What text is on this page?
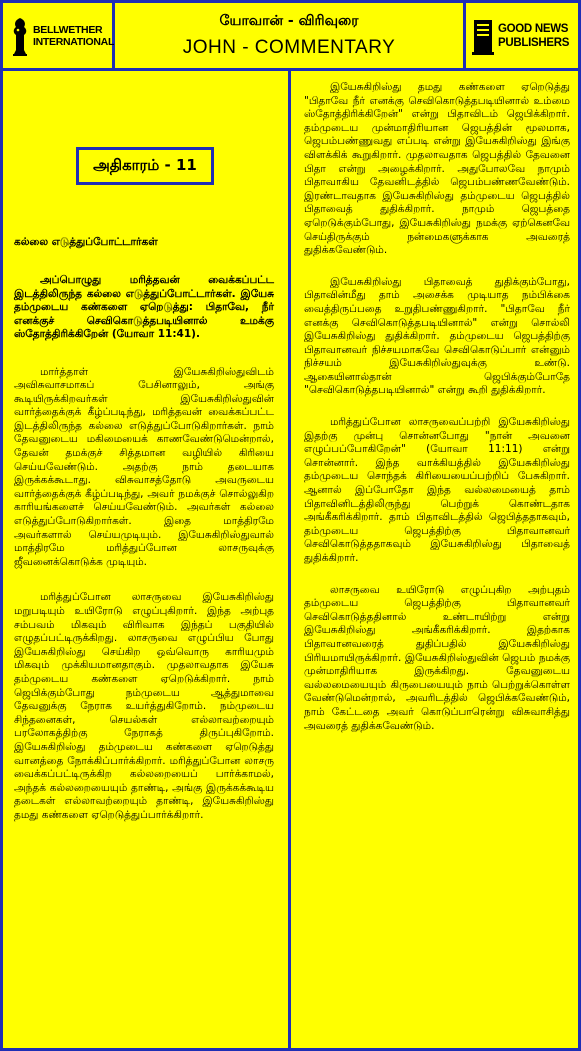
BELLWETHER
INTERNATIONAL
யோவான் - விரிவுரை
JOHN - COMMENTARY
GOOD NEWS
PUBLISHERS
அதிகாரம் - 11
கல்லை எடுத்துப்போட்டார்கள்

அப்பொழுது மரித்தவன் வைக்கப்பட்ட இடத்திலிருந்த கல்லை எடுத்துப்போட்டார்கள். இயேசு தம்முடைய கண்களை ஏறெடுத்து: பிதாவே, நீர் எனக்குச் செவிகொடுத்தபடியினால் உமக்கு ஸ்தோத்திரிக்கிறேன் (யோவா 11:41).

மார்த்தாள் இயேசுகிறிஸ்துவிடம் அவிசுவாசமாகப் பேசினாலும், அங்கு கூடியிருக்கிறவர்கள் இயேசுகிறிஸ்துவின் வார்த்தைக்குக் கீழ்ப்படிந்து, மரித்தவன் வைக்கப்பட்ட இடத்திலிருந்த கல்லை எடுத்துப்போடுகிறார்கள். நாம் தேவனுடைய மகிமையைக் காணவேண்டுமென்றால், தேவன் தமக்குச் சித்தமான வழியில் கிரியை செய்யவேண்டும். அதற்கு நாம் தடையாக இருக்கக்கூடாது. விசுவாசத்தோடு அவருடைய வார்த்தைக்குக் கீழ்ப்படிந்து, அவர் நமக்குச் சொல்லுகிற காரியங்களைச் செய்யவேண்டும். அவர்கள் கல்லை எடுத்துப்போடுகிறார்கள். இதை மாத்திரமே அவர்களால் செய்யமுடியும். இயேசுகிறிஸ்துவால் மாத்திரமே மரித்துப்போன லாசருவுக்கு ஜீவனைக்கொடுக்க முடியும்.

மரித்துப்போன லாசருவை இயேசுகிறிஸ்து மறுபடியும் உயிரோடு எழுப்புகிறார். இந்த அற்புத சம்பவம் மிகவும் விரிவாக இந்தப் பகுதியில் எழுதப்பட்டிருக்கிறது. லாசருவை எழுப்பிய போது இயேசுகிறிஸ்து செய்கிற ஒவ்வொரு காரியமும் மிகவும் முக்கியமானதாகும். முதலாவதாக இயேசு தம்முடைய கண்களை ஏறெடுக்கிறார். நாம் ஜெபிக்கும்போது நம்முடைய ஆத்துமாவை தேவனுக்கு நேராக உயர்த்துகிறோம். நம்முடைய சிந்தனைகள், செயல்கள் எல்லாவற்றையும் பரலோகத்திற்கு நேராகத் திருப்புகிறோம். இயேசுகிறிஸ்து தம்முடைய கண்களை ஏறெடுத்து வானத்தை நோக்கிப்பார்க்கிறார். மரித்துப்போன லாசரு வைக்கப்பட்டிருக்கிற கல்லறையைப் பார்க்காமல், அந்தக் கல்லறையையும் தாண்டி, அங்கு இருக்கக்கூடிய தடைகள் எல்லாவற்றையும் தாண்டி, இயேசுகிறிஸ்து தமது கண்களை ஏறெடுத்துப்பார்க்கிறார்.

இயேசுகிறிஸ்து தமது கண்களை ஏறெடுத்து "பிதாவே நீர் எனக்கு செவிகொடுத்தபடியினால் உம்மை ஸ்தோத்திரிக்கிறேன்" என்று பிதாவிடம் ஜெபிக்கிறார். தம்முடைய முன்மாதிரியான ஜெபத்தின் மூலமாக, ஜெபம்பண்ணுவது எப்படி என்று இயேசுகிறிஸ்து இங்கு விளக்கிக் கூறுகிறார். முதலாவதாக ஜெபத்தில் தேவனை பிதா என்று அழைக்கிறார். அதுபோலவே நாமும் பிதாவாகிய தேவனிடத்தில் ஜெபம்பண்ணவேண்டும். இரண்டாவதாக இயேசுகிறிஸ்து தம்முடைய ஜெபத்தில் பிதாவைத் துதிக்கிறார். நாமும் ஜெபத்தை ஏறெடுக்கும்போது, இயேசுகிறிஸ்து நமக்கு ஏற்கெனவே செய்திருக்கும் நன்மைகளுக்காக அவரைத் துதிக்கவேண்டும்.

இயேசுகிறிஸ்து பிதாவைத் துதிக்கும்போது, பிதாவின்மீது தாம் அசைக்க முடியாத நம்பிக்கை வைத்திருப்பதை உறுதிபண்ணுகிறார். "பிதாவே நீர் எனக்கு செவிகொடுத்தபடியினால்" என்று சொல்லி இயேசுகிறிஸ்து துதிக்கிறார். தம்முடைய ஜெபத்திற்கு பிதாவானவர் நிச்சயமாகவே செவிகொடுப்பார் என்னும் நிச்சயம் இயேசுகிறிஸ்துவுக்கு உண்டு. ஆகையினால்தான் ஜெபிக்கும்போதே "செவிகொடுத்தபடியினால்" என்று கூறி துதிக்கிறார்.

மரித்துப்போன லாசருவைப்பற்றி இயேசுகிறிஸ்து இதற்கு முன்பு சொன்னபோது "நான் அவனை எழுப்பப்போகிறேன்" (யோவா 11:11) என்று சொன்னார். இந்த வாக்கியத்தில் இயேசுகிறிஸ்து தம்முடைய சொந்தக் கிரியையைப்பற்றிப் பேசுகிறார். ஆனால் இப்போதோ இந்த வல்லமையைத் தாம் பிதாவினிடத்திலிருந்து பெற்றுக் கொண்டதாக அங்கீகரிக்கிறார். தாம் பிதாவிடத்தில் ஜெபித்ததாகவும், தம்முடைய ஜெபத்திற்கு பிதாவானவர் செவிகொடுத்ததாகவும் இயேசுகிறிஸ்து பிதாவைத் துதிக்கிறார்.

லாசருவை உயிரோடு எழுப்புகிற அற்புதம் தம்முடைய ஜெபத்திற்கு பிதாவானவர் செவிகொடுத்ததினால் உண்டாயிற்று என்று இயேசுகிறிஸ்து அங்கீகரிக்கிறார். இதற்காக பிதாவானவரைத் துதிப்பதில் இயேசுகிறிஸ்து பிரியமாயிருக்கிறார். இயேசுகிறிஸ்துவின் ஜெபம் நமக்கு முன்மாதிரியாக இருக்கிறது. தேவனுடைய வல்லமையையும் கிருபையையும் நாம் பெற்றுக்கொள்ள வேண்டுமென்றால், அவரிடத்தில் ஜெபிக்கவேண்டும், நாம் கேட்டதை அவர் கொடுப்பாரென்று விசுவாசித்து அவரைத் துதிக்கவேண்டும்.
